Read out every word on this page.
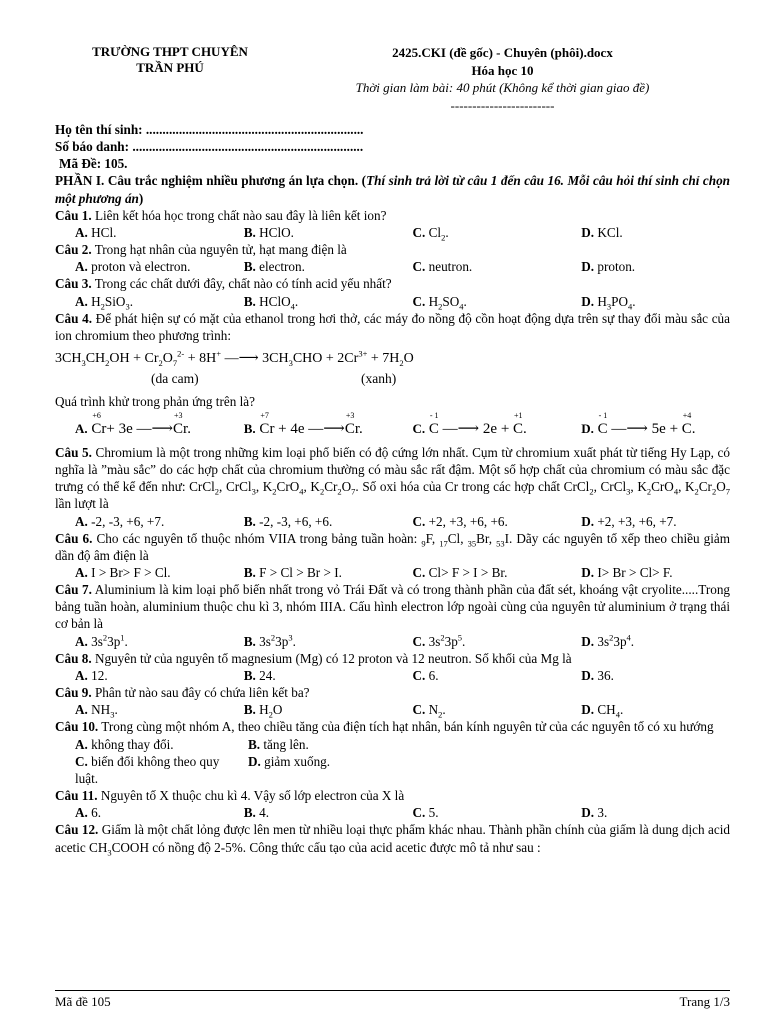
TRƯỜNG THPT CHUYÊN
TRẦN PHÚ
2425.CKI (đề gốc) - Chuyên (phôi).docx
Hóa học 10
Thời gian làm bài: 40 phút (Không kể thời gian giao đề)
------------------------

Họ tên thí sinh: ..................................................................

Số báo danh: ......................................................................

Mã Đề: 105.

PHẦN I. Câu trắc nghiệm nhiều phương án lựa chọn. (Thí sinh trả lời từ câu 1 đến câu 16. Mỗi câu hỏi thí sinh chỉ chọn một phương án)

Câu 1. Liên kết hóa học trong chất nào sau đây là liên kết ion?

A. HCl.	B. HClO.	C. $Cl_2$.	D. KCl.

Câu 2. Trong hạt nhân của nguyên tử, hạt mang điện là

A. proton và electron.	B. electron.	C. neutron.	D. proton.

Câu 3. Trong các chất dưới đây, chất nào có tính acid yếu nhất?

A. $H_2SiO_3$.	B. HClO$_4$.	C. $H_2SO_4$.	D. $H_3PO_4$.

Câu 4. Để phát hiện sự có mặt của ethanol trong hơi thở, các máy đo nồng độ cồn hoạt động dựa trên sự thay đổi màu sắc của ion chromium theo phương trình:

$3CH_3CH_2OH + Cr_2O_7^{2-} + 8H^+$ —⟶ $3CH_3CHO + 2Cr^{3+} + 7H_2O$
(da cam)	(xanh)

Quá trình khử trong phản ứng trên là?

A. C
+6
r+ 3e —⟶C
+3
r.	B. C
+7
r + 4e —⟶C
+3
r.	C. C
- 1
—⟶ 2e + C
+1
.	D. C
- 1
—⟶ 5e + C
+4
.

Câu 5. Chromium là một trong những kim loại phổ biến có độ cứng lớn nhất. Cụm từ chromium xuất phát từ tiếng Hy Lạp, có nghĩa là ”màu sắc” do các hợp chất của chromium thường có màu sắc rất đậm. Một số hợp chất của chromium có màu sắc đặc trưng có thể kể đến như: CrCl$_2$, CrCl$_3$, $K_2CrO_4$, $K_2Cr_2O_7$. Số oxi hóa của Cr trong các hợp chất CrCl$_2$, CrCl$_3$, $K_2CrO_4$, $K_2Cr_2O_7$ lần lượt là

A. -2, -3, +6, +7.	B. -2, -3, +6, +6.	C. +2, +3, +6, +6.	D. +2, +3, +6, +7.

Câu 6. Cho các nguyên tố thuộc nhóm VIIA trong bảng tuần hoàn: $_9$F, $_{17}$Cl, $_{35}$Br, $_{53}$I. Dãy các nguyên tố xếp theo chiều giảm dần độ âm điện là

A. I > Br> F > Cl.	B. F > Cl > Br > I.	C. Cl> F > I > Br.	D. I> Br > Cl> F.

Câu 7. Aluminium là kim loại phổ biến nhất trong vỏ Trái Đất và có trong thành phần của đất sét, khoáng vật cryolite.....Trong bảng tuần hoàn, aluminium thuộc chu kì 3, nhóm IIIA. Cấu hình electron lớp ngoài cùng của nguyên tử aluminium ở trạng thái cơ bản là

A. $3s^23p^1$.	B. $3s^23p^3$.	C. $3s^23p^5$.	D. $3s^23p^4$.

Câu 8. Nguyên tử của nguyên tố magnesium (Mg) có 12 proton và 12 neutron. Số khối của Mg là

A. 12.	B. 24.	C. 6.	D. 36.

Câu 9. Phân tử nào sau đây có chứa liên kết ba?

A. $NH_3$.	B. $H_2O$	C. $N_2$.	D. $CH_4$.

Câu 10. Trong cùng một nhóm A, theo chiều tăng của điện tích hạt nhân, bán kính nguyên tử của các nguyên tố có xu hướng

A. không thay đổi.	B. tăng lên.
C. biến đổi không theo quy luật.
D. giảm xuống.

Câu 11. Nguyên tố X thuộc chu kì 4. Vậy số lớp electron của X là

A. 6.	B. 4.	C. 5.	D. 3.

Câu 12. Giấm là một chất lỏng được lên men từ nhiều loại thực phẩm khác nhau. Thành phần chính của giấm là dung dịch acid acetic $CH_3COOH$ có nồng độ 2-5%. Công thức cấu tạo của acid acetic được mô tả như sau :

Mã đề 105	Trang 1/3
